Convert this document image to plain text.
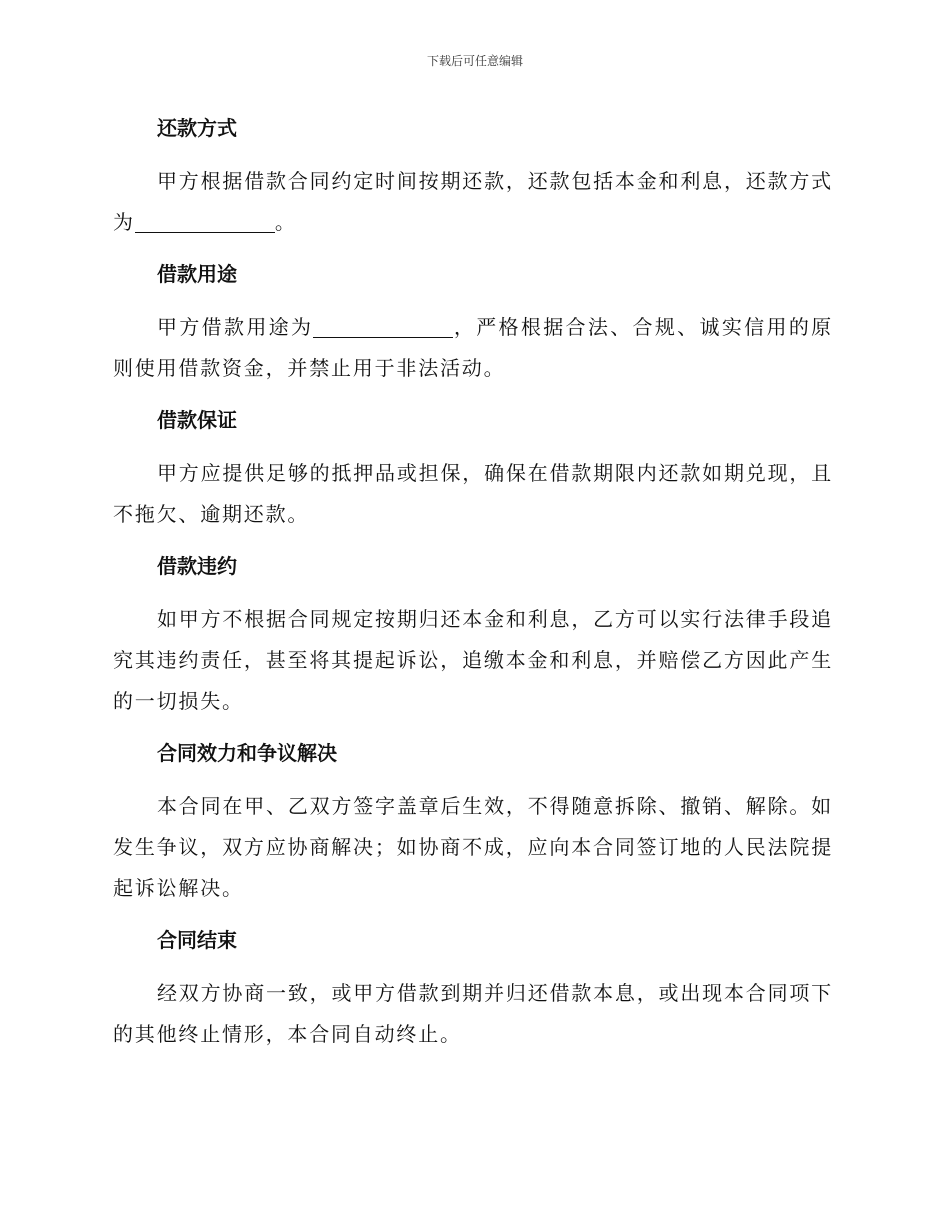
下载后可任意编辑
还款方式

甲方根据借款合同约定时间按期还款，还款包括本金和利息，还款方式为	。

借款用途

甲方借款用途为	，严格根据合法、合规、诚实信用的原则使用借款资金，并禁止用于非法活动。

借款保证

甲方应提供足够的抵押品或担保，确保在借款期限内还款如期兑现，且不拖欠、逾期还款。

借款违约

如甲方不根据合同规定按期归还本金和利息，乙方可以实行法律手段追究其违约责任，甚至将其提起诉讼，追缴本金和利息，并赔偿乙方因此产生的一切损失。

合同效力和争议解决

本合同在甲、乙双方签字盖章后生效，不得随意拆除、撤销、解除。如发生争议，双方应协商解决；如协商不成，应向本合同签订地的人民法院提起诉讼解决。

合同结束

经双方协商一致，或甲方借款到期并归还借款本息，或出现本合同项下的其他终止情形，本合同自动终止。
